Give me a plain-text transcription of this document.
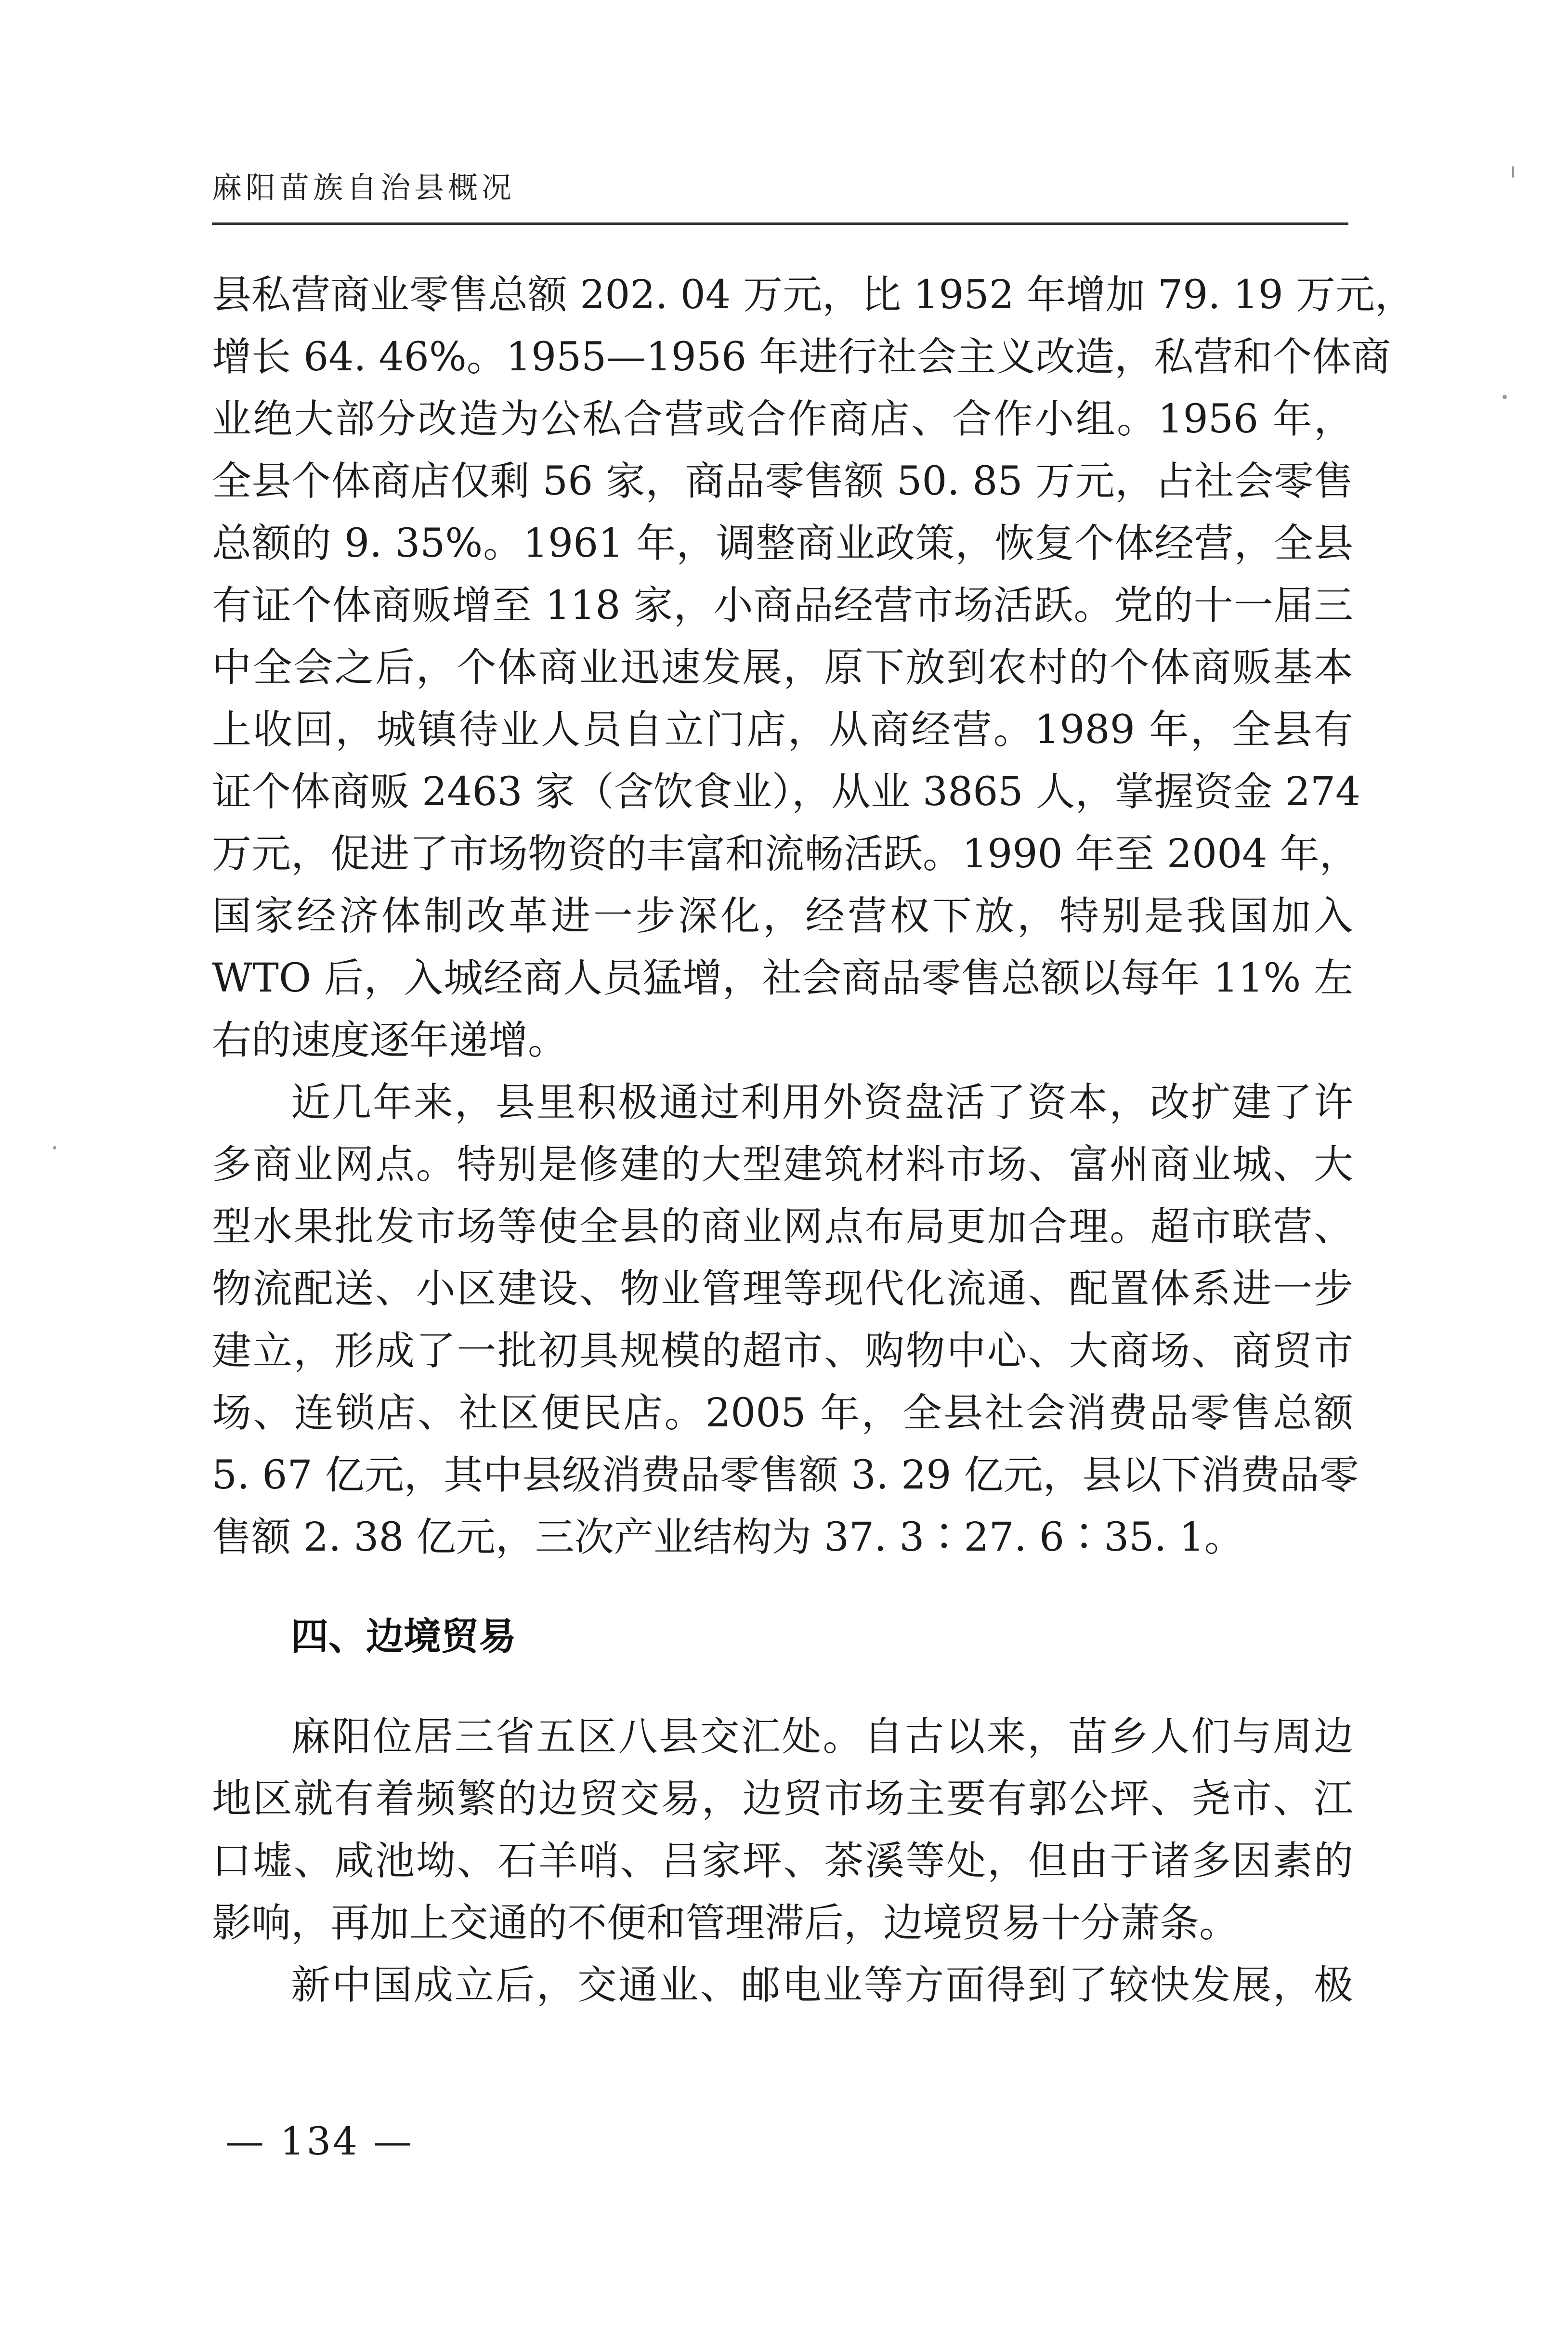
麻阳苗族自治县概况
县私营商业零售总额 202. 04 万元，比 1952 年增加 79. 19 万元，
增长 64. 46%。1955—1956 年进行社会主义改造，私营和个体商
业绝大部分改造为公私合营或合作商店、合作小组。1956 年，
全县个体商店仅剩 56 家，商品零售额 50. 85 万元，占社会零售
总额的 9. 35%。1961 年，调整商业政策，恢复个体经营，全县
有证个体商贩增至 118 家，小商品经营市场活跃。党的十一届三
中全会之后，个体商业迅速发展，原下放到农村的个体商贩基本
上收回，城镇待业人员自立门店，从商经营。1989 年，全县有
证个体商贩 2463 家（含饮食业），从业 3865 人，掌握资金 274
万元，促进了市场物资的丰富和流畅活跃。1990 年至 2004 年，
国家经济体制改革进一步深化，经营权下放，特别是我国加入
WTO 后，入城经商人员猛增，社会商品零售总额以每年 11% 左
右的速度逐年递增。
近几年来，县里积极通过利用外资盘活了资本，改扩建了许
多商业网点。特别是修建的大型建筑材料市场、富州商业城、大
型水果批发市场等使全县的商业网点布局更加合理。超市联营、
物流配送、小区建设、物业管理等现代化流通、配置体系进一步
建立，形成了一批初具规模的超市、购物中心、大商场、商贸市
场、连锁店、社区便民店。2005 年，全县社会消费品零售总额
5. 67 亿元，其中县级消费品零售额 3. 29 亿元，县以下消费品零
售额 2. 38 亿元，三次产业结构为 37. 3∶27. 6∶35. 1。
四、边境贸易
麻阳位居三省五区八县交汇处。自古以来，苗乡人们与周边
地区就有着频繁的边贸交易，边贸市场主要有郭公坪、尧市、江
口墟、咸池坳、石羊哨、吕家坪、茶溪等处，但由于诸多因素的
影响，再加上交通的不便和管理滞后，边境贸易十分萧条。
新中国成立后，交通业、邮电业等方面得到了较快发展，极
— 134 —
